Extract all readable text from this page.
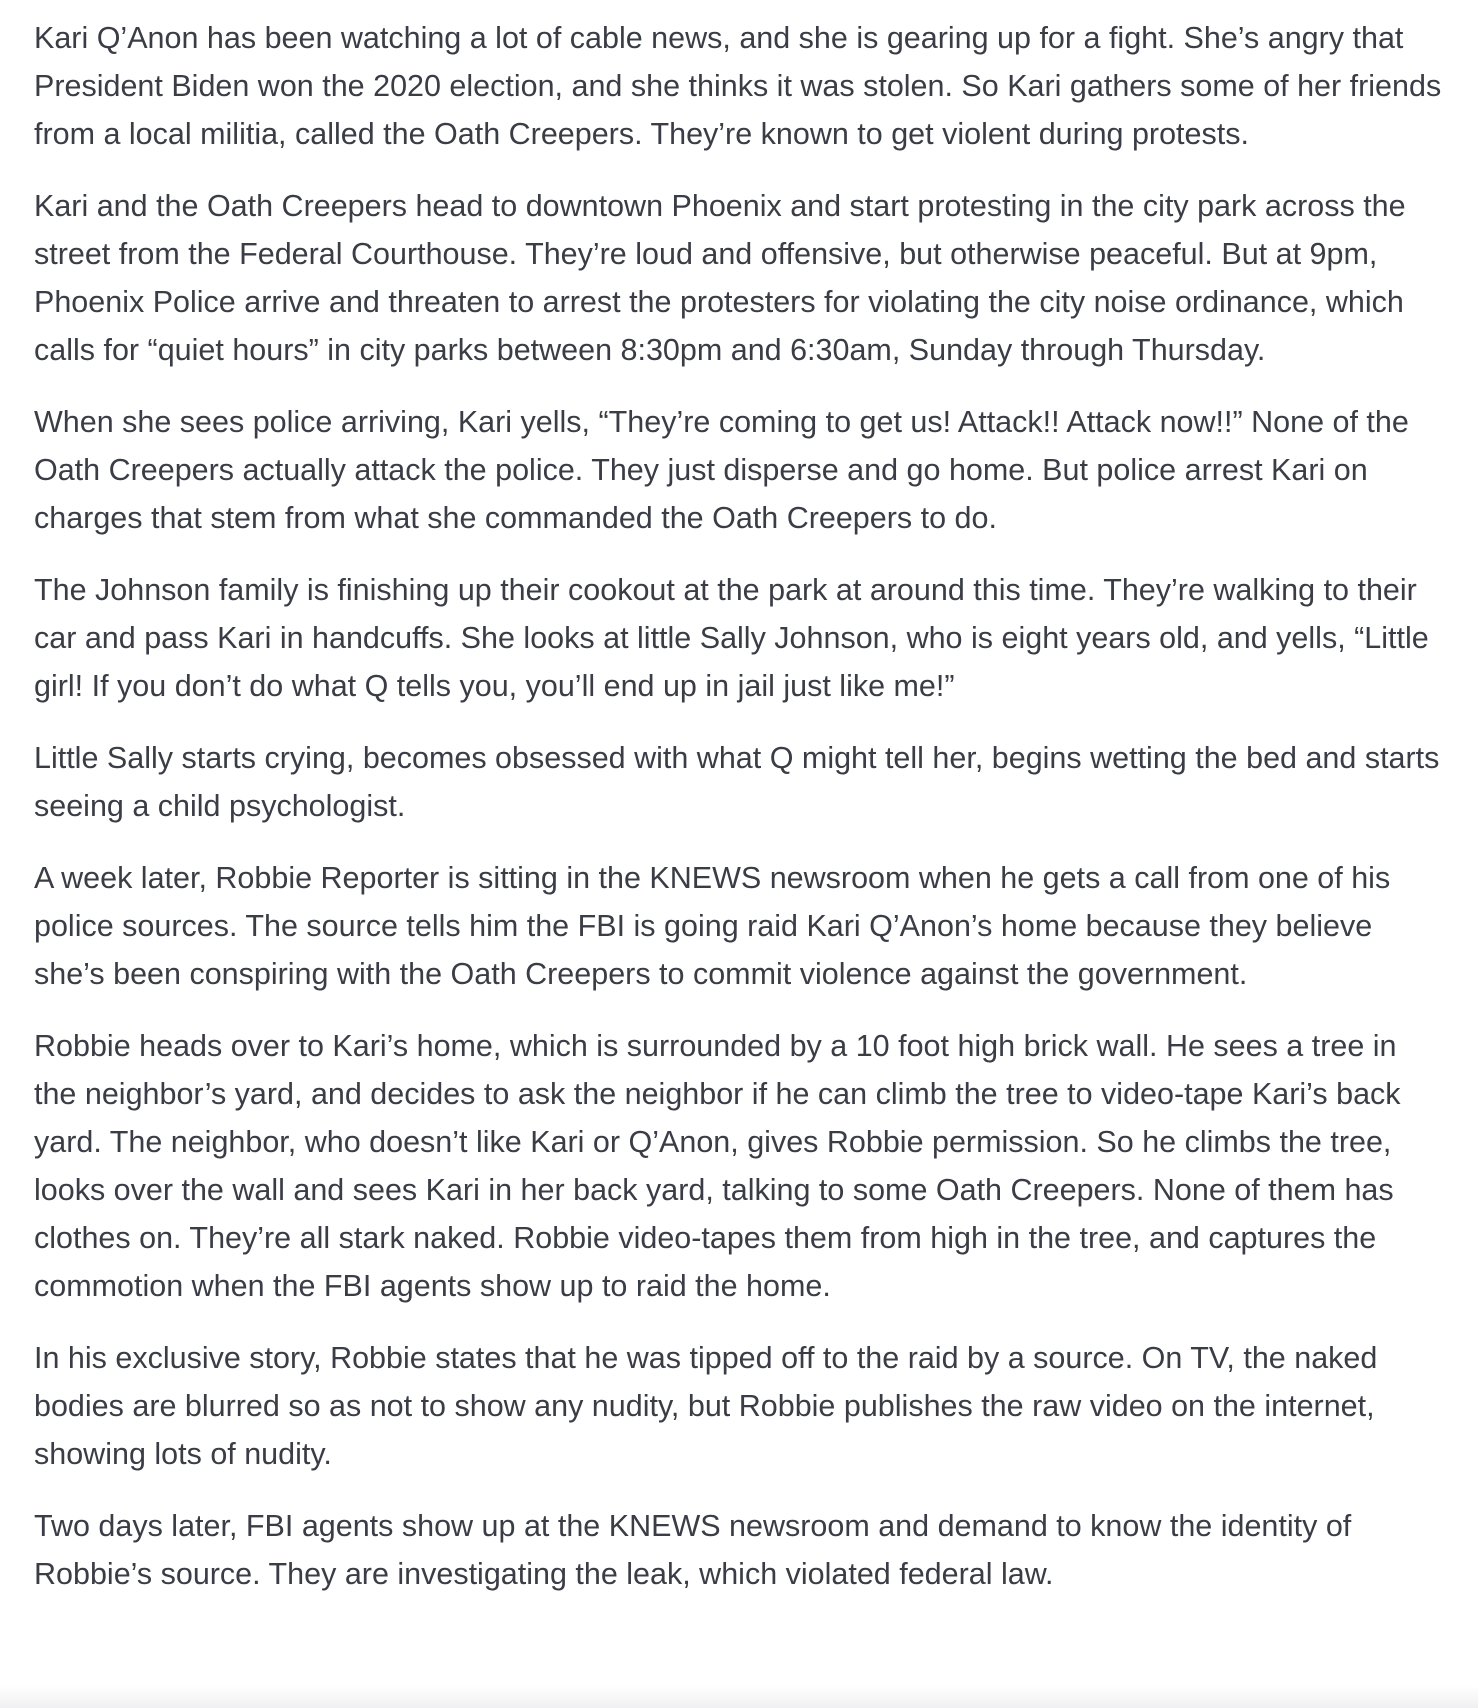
Kari Q’Anon has been watching a lot of cable news, and she is gearing up for a fight. She’s angry that President Biden won the 2020 election, and she thinks it was stolen. So Kari gathers some of her friends from a local militia, called the Oath Creepers. They’re known to get violent during protests.

Kari and the Oath Creepers head to downtown Phoenix and start protesting in the city park across the street from the Federal Courthouse. They’re loud and offensive, but otherwise peaceful. But at 9pm, Phoenix Police arrive and threaten to arrest the protesters for violating the city noise ordinance, which calls for “quiet hours” in city parks between 8:30pm and 6:30am, Sunday through Thursday.

When she sees police arriving, Kari yells, “They’re coming to get us! Attack!! Attack now!!” None of the Oath Creepers actually attack the police. They just disperse and go home. But police arrest Kari on charges that stem from what she commanded the Oath Creepers to do.

The Johnson family is finishing up their cookout at the park at around this time. They’re walking to their car and pass Kari in handcuffs. She looks at little Sally Johnson, who is eight years old, and yells, “Little girl! If you don’t do what Q tells you, you’ll end up in jail just like me!”

Little Sally starts crying, becomes obsessed with what Q might tell her, begins wetting the bed and starts seeing a child psychologist.

A week later, Robbie Reporter is sitting in the KNEWS newsroom when he gets a call from one of his police sources. The source tells him the FBI is going raid Kari Q’Anon’s home because they believe she’s been conspiring with the Oath Creepers to commit violence against the government.

Robbie heads over to Kari’s home, which is surrounded by a 10 foot high brick wall. He sees a tree in the neighbor’s yard, and decides to ask the neighbor if he can climb the tree to video-tape Kari’s back yard. The neighbor, who doesn’t like Kari or Q’Anon, gives Robbie permission. So he climbs the tree, looks over the wall and sees Kari in her back yard, talking to some Oath Creepers. None of them has clothes on. They’re all stark naked. Robbie video-tapes them from high in the tree, and captures the commotion when the FBI agents show up to raid the home.

In his exclusive story, Robbie states that he was tipped off to the raid by a source. On TV, the naked bodies are blurred so as not to show any nudity, but Robbie publishes the raw video on the internet, showing lots of nudity.

Two days later, FBI agents show up at the KNEWS newsroom and demand to know the identity of Robbie’s source. They are investigating the leak, which violated federal law.
